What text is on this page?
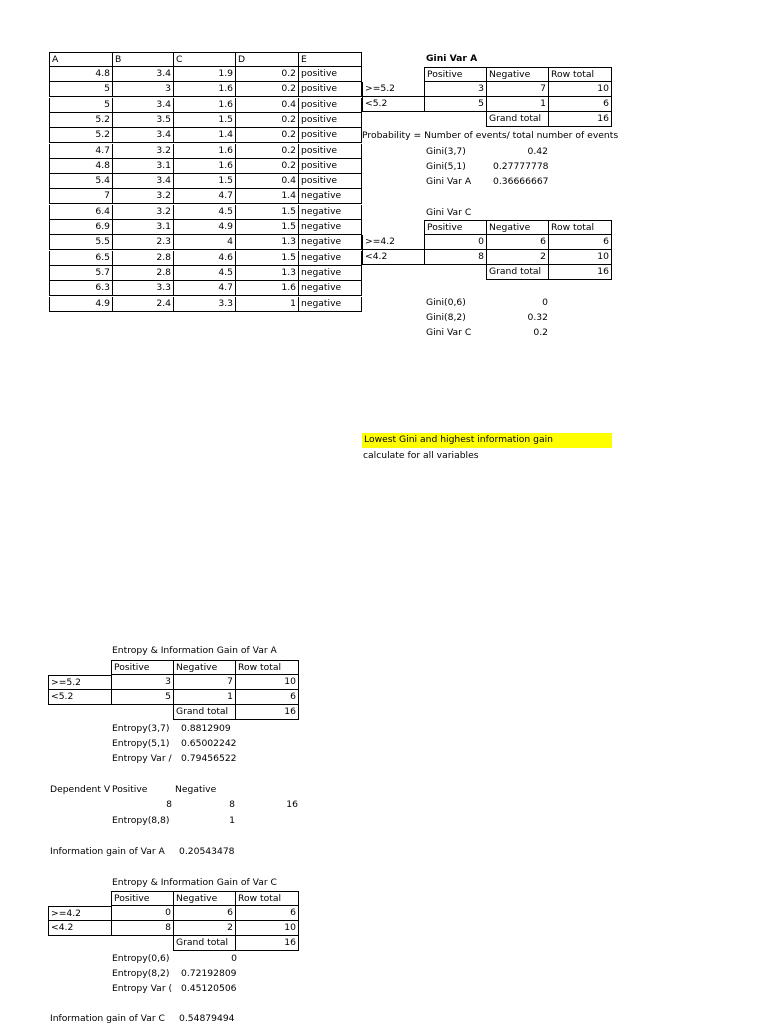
A	B	C	D	E
4.8	3.4	1.9	0.2 positive
5	3	1.6	0.2 positive
5	3.4	1.6	0.4 positive
5.2	3.5	1.5	0.2 positive
5.2	3.4	1.4	0.2 positive
4.7	3.2	1.6	0.2 positive
4.8	3.1	1.6	0.2 positive
5.4	3.4	1.5	0.4 positive
7	3.2	4.7	1.4 negative
6.4	3.2	4.5	1.5 negative
6.9	3.1	4.9	1.5 negative
5.5	2.3	4	1.3 negative
6.5	2.8	4.6	1.5 negative
5.7	2.8	4.5	1.3 negative
6.3	3.3	4.7	1.6 negative
4.9	2.4	3.3	1 negative
Gini Var A
Positive	Negative	Row total
>=5.2	3	7	10
<5.2	5	1	6
Grand total	16
Probability = Number of events/ total number of events
Gini(3,7)	0.42
Gini(5,1)	0.27777778
Gini Var A 0.36666667
Gini Var C
Positive	Negative	Row total
>=4.2	0	6	6
<4.2	8	2	10
Grand total	16
Gini(0,6)	0
Gini(8,2)	0.32
Gini Var C	0.2
Lowest Gini and highest information gain
calculate for all variables
Entropy & Information Gain of Var A
Positive	Negative	Row total
>=5.2	3	7	10
<5.2	5	1	6
Grand total	16
Entropy(3,7) 0.8812909
Entropy(5,1) 0.65002242
Entropy Var / 0.79456522
Dependent V Positive	Negative
8	8	16
Entropy(8,8)	1
Information gain of Var A 0.20543478
Entropy & Information Gain of Var C
Positive	Negative	Row total
>=4.2	0	6	6
<4.2	8	2	10
Grand total	16
Entropy(0,6)	0
Entropy(8,2) 0.72192809
Entropy Var ( 0.45120506
Information gain of Var C 0.54879494
